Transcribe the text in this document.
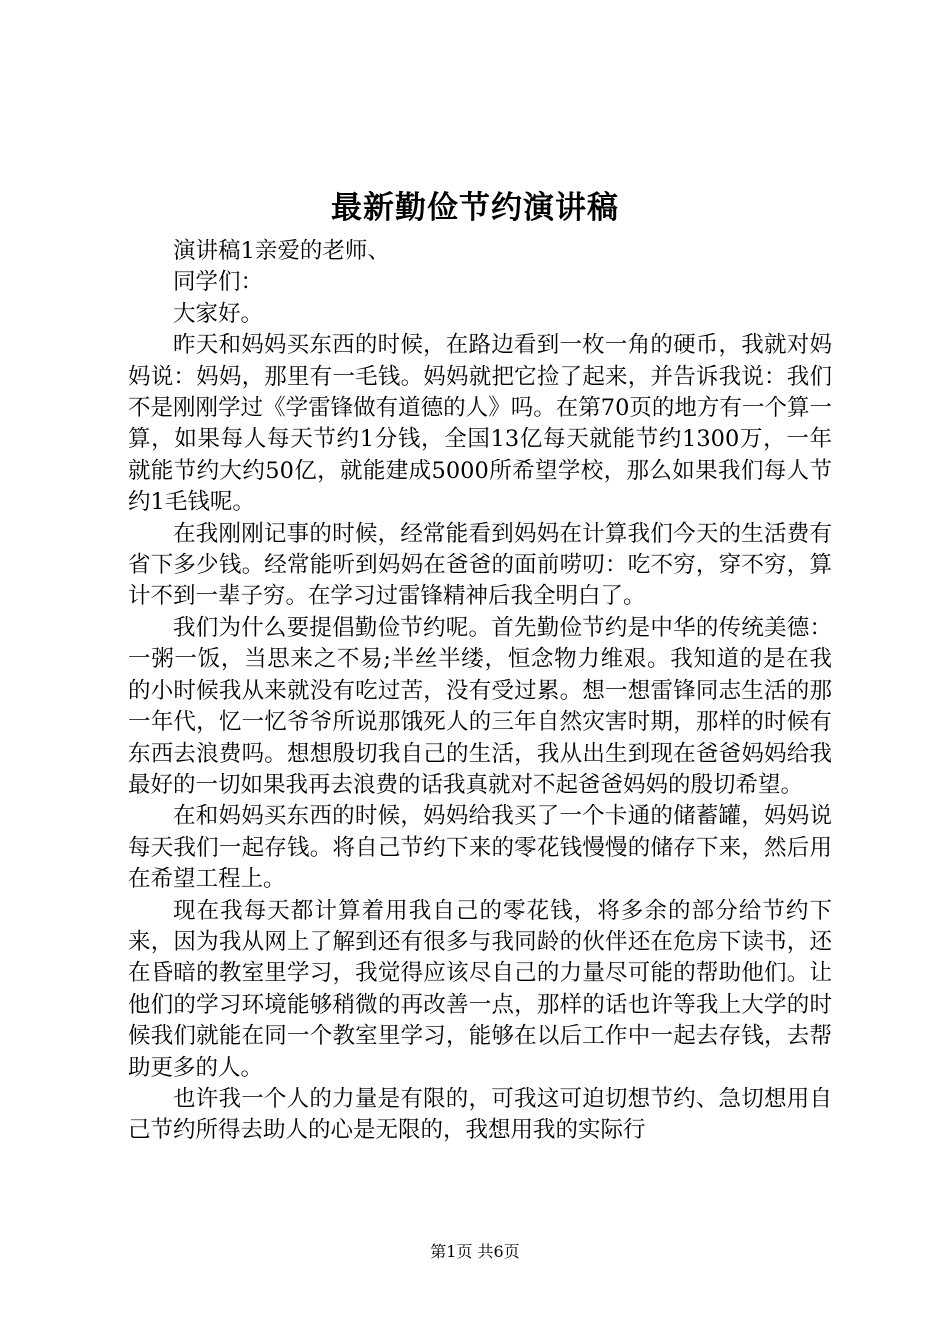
最新勤俭节约演讲稿

演讲稿1亲爱的老师、

同学们：

大家好。

昨天和妈妈买东西的时候，在路边看到一枚一角的硬币，我就对妈妈说：妈妈，那里有一毛钱。妈妈就把它捡了起来，并告诉我说：我们不是刚刚学过《学雷锋做有道德的人》吗。在第70页的地方有一个算一算，如果每人每天节约1分钱，全国13亿每天就能节约1300万，一年就能节约大约50亿，就能建成5000所希望学校，那么如果我们每人节约1毛钱呢。

在我刚刚记事的时候，经常能看到妈妈在计算我们今天的生活费有省下多少钱。经常能听到妈妈在爸爸的面前唠叨：吃不穷，穿不穷，算计不到一辈子穷。在学习过雷锋精神后我全明白了。

我们为什么要提倡勤俭节约呢。首先勤俭节约是中华的传统美德：一粥一饭，当思来之不易;半丝半缕，恒念物力维艰。我知道的是在我的小时候我从来就没有吃过苦，没有受过累。想一想雷锋同志生活的那一年代，忆一忆爷爷所说那饿死人的三年自然灾害时期，那样的时候有东西去浪费吗。想想殷切我自己的生活，我从出生到现在爸爸妈妈给我最好的一切如果我再去浪费的话我真就对不起爸爸妈妈的殷切希望。

在和妈妈买东西的时候，妈妈给我买了一个卡通的储蓄罐，妈妈说每天我们一起存钱。将自己节约下来的零花钱慢慢的储存下来，然后用在希望工程上。

现在我每天都计算着用我自己的零花钱，将多余的部分给节约下来，因为我从网上了解到还有很多与我同龄的伙伴还在危房下读书，还在昏暗的教室里学习，我觉得应该尽自己的力量尽可能的帮助他们。让他们的学习环境能够稍微的再改善一点，那样的话也许等我上大学的时候我们就能在同一个教室里学习，能够在以后工作中一起去存钱，去帮助更多的人。

也许我一个人的力量是有限的，可我这可迫切想节约、急切想用自己节约所得去助人的心是无限的，我想用我的实际行

第1页 共6页
